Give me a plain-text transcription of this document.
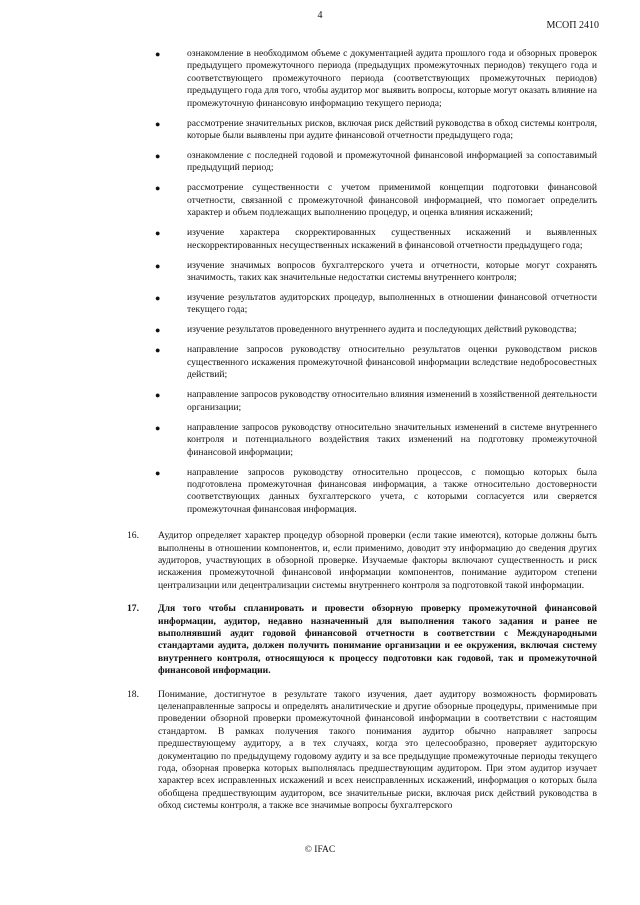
4
МСОП 2410
●	ознакомление в необходимом объеме с документацией аудита прошлого года и обзорных проверок предыдущего промежуточного периода (предыдущих промежуточных периодов) текущего года и соответствующего промежуточного периода (соответствующих промежуточных периодов) предыдущего года для того, чтобы аудитор мог выявить вопросы, которые могут оказать влияние на промежуточную финансовую информацию текущего периода;
●	рассмотрение значительных рисков, включая риск действий руководства в обход системы контроля, которые были выявлены при аудите финансовой отчетности предыдущего года;
●	ознакомление с последней годовой и промежуточной финансовой информацией за сопоставимый предыдущий период;
●	рассмотрение существенности с учетом применимой концепции подготовки финансовой отчетности, связанной с промежуточной финансовой информацией, что помогает определить характер и объем подлежащих выполнению процедур, и оценка влияния искажений;
●	изучение характера скорректированных существенных искажений и выявленных нескорректированных несущественных искажений в финансовой отчетности предыдущего года;
●	изучение значимых вопросов бухгалтерского учета и отчетности, которые могут сохранять значимость, таких как значительные недостатки системы внутреннего контроля;
●	изучение результатов аудиторских процедур, выполненных в отношении финансовой отчетности текущего года;
●	изучение результатов проведенного внутреннего аудита и последующих действий руководства;
●	направление запросов руководству относительно результатов оценки руководством рисков существенного искажения промежуточной финансовой информации вследствие недобросовестных действий;
●	направление запросов руководству относительно влияния изменений в хозяйственной деятельности организации;
●	направление запросов руководству относительно значительных изменений в системе внутреннего контроля и потенциального воздействия таких изменений на подготовку промежуточной финансовой информации;
●	направление запросов руководству относительно процессов, с помощью которых была подготовлена промежуточная финансовая информация, а также относительно достоверности соответствующих данных бухгалтерского учета, с которыми согласуется или сверяется промежуточная финансовая информация.
16. Аудитор определяет характер процедур обзорной проверки (если такие имеются), которые должны быть выполнены в отношении компонентов, и, если применимо, доводит эту информацию до сведения других аудиторов, участвующих в обзорной проверке. Изучаемые факторы включают существенность и риск искажения промежуточной финансовой информации компонентов, понимание аудитором степени централизации или децентрализации системы внутреннего контроля за подготовкой такой информации.
17. Для того чтобы спланировать и провести обзорную проверку промежуточной финансовой информации, аудитор, недавно назначенный для выполнения такого задания и ранее не выполнявший аудит годовой финансовой отчетности в соответствии с Международными стандартами аудита, должен получить понимание организации и ее окружения, включая систему внутреннего контроля, относящуюся к процессу подготовки как годовой, так и промежуточной финансовой информации.
18. Понимание, достигнутое в результате такого изучения, дает аудитору возможность формировать целенаправленные запросы и определять аналитические и другие обзорные процедуры, применимые при проведении обзорной проверки промежуточной финансовой информации в соответствии с настоящим стандартом. В рамках получения такого понимания аудитор обычно направляет запросы предшествующему аудитору, а в тех случаях, когда это целесообразно, проверяет аудиторскую документацию по предыдущему годовому аудиту и за все предыдущие промежуточные периоды текущего года, обзорная проверка которых выполнялась предшествующим аудитором. При этом аудитор изучает характер всех исправленных искажений и всех неисправленных искажений, информация о которых была обобщена предшествующим аудитором, все значительные риски, включая риск действий руководства в обход системы контроля, а также все значимые вопросы бухгалтерского
© IFAC
